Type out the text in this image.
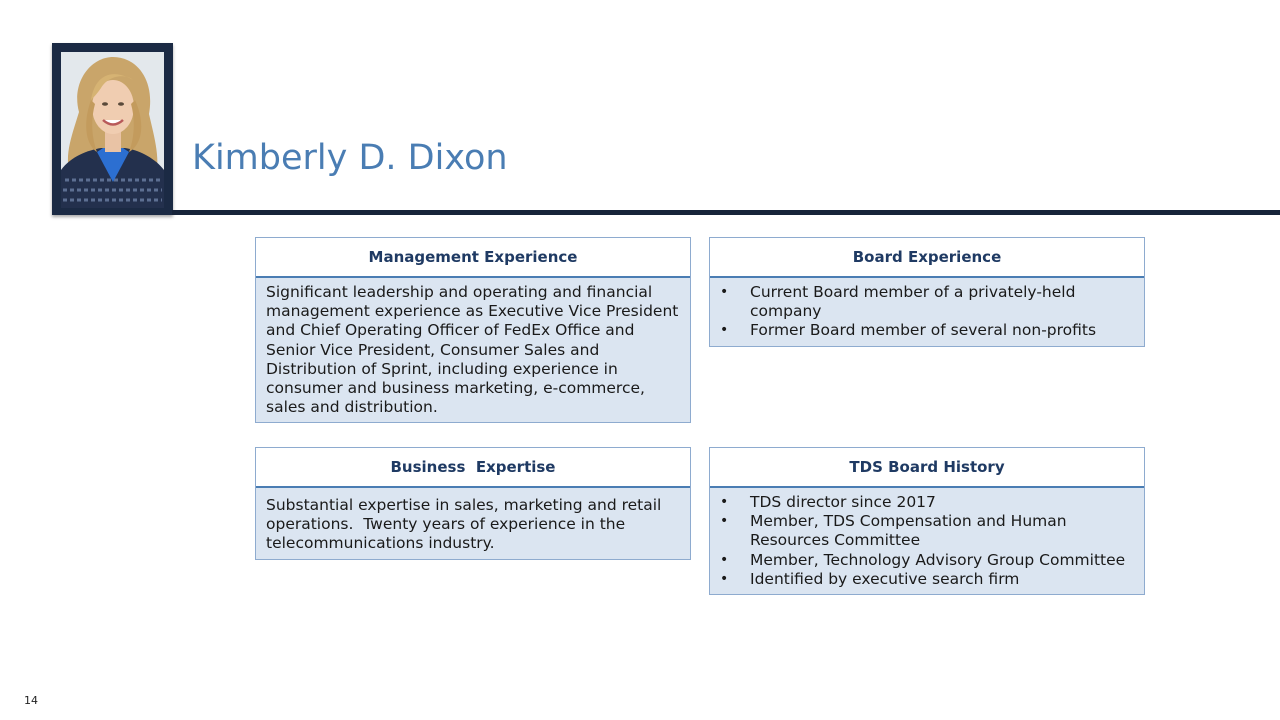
Kimberly D. Dixon
Management Experience
Significant leadership and operating and financial management experience as Executive Vice President and Chief Operating Officer of FedEx Office and Senior Vice President, Consumer Sales and Distribution of Sprint, including experience in consumer and business marketing, e-commerce, sales and distribution.
Board Experience
• Current Board member of a privately-held company
• Former Board member of several non-profits
Business  Expertise
Substantial expertise in sales, marketing and retail operations.  Twenty years of experience in the telecommunications industry.
TDS Board History
• TDS director since 2017
• Member, TDS Compensation and Human Resources Committee
• Member, Technology Advisory Group Committee
• Identified by executive search firm
14
